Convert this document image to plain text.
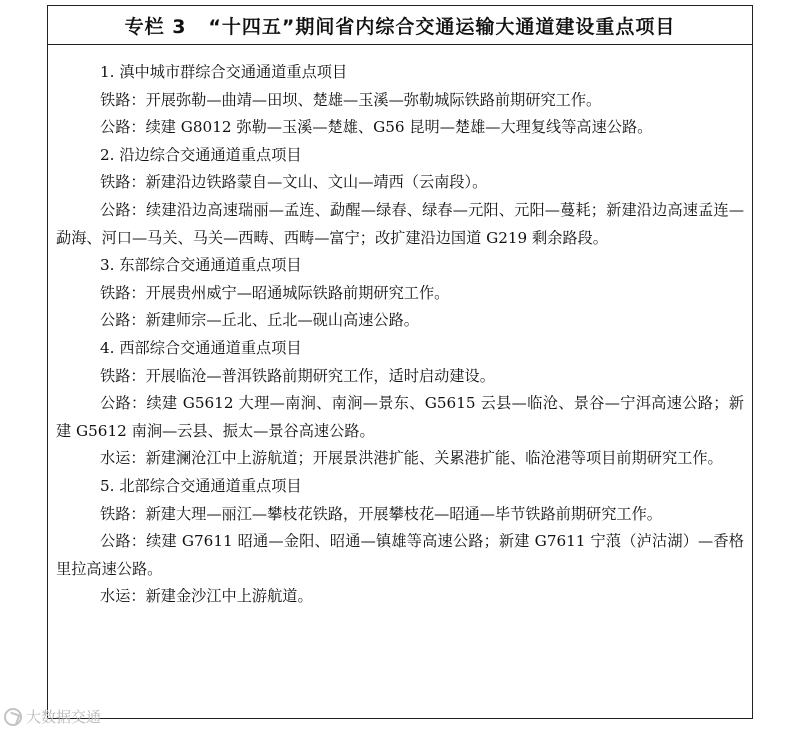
专栏 3 “十四五”期间省内综合交通运输大通道建设重点项目
1. 滇中城市群综合交通通道重点项目
铁路：开展弥勒—曲靖—田坝、楚雄—玉溪—弥勒城际铁路前期研究工作。
公路：续建 G8012 弥勒—玉溪—楚雄、G56 昆明—楚雄—大理复线等高速公路。
2. 沿边综合交通通道重点项目
铁路：新建沿边铁路蒙自—文山、文山—靖西（云南段）。
公路：续建沿边高速瑞丽—孟连、勐醒—绿春、绿春—元阳、元阳—蔓耗；新建沿边高速孟连—勐海、河口—马关、马关—西畴、西畴—富宁；改扩建沿边国道 G219 剩余路段。
3. 东部综合交通通道重点项目
铁路：开展贵州威宁—昭通城际铁路前期研究工作。
公路：新建师宗—丘北、丘北—砚山高速公路。
4. 西部综合交通通道重点项目
铁路：开展临沧—普洱铁路前期研究工作，适时启动建设。
公路：续建 G5612 大理—南涧、南涧—景东、G5615 云县—临沧、景谷—宁洱高速公路；新建 G5612 南涧—云县、振太—景谷高速公路。
水运：新建澜沧江中上游航道；开展景洪港扩能、关累港扩能、临沧港等项目前期研究工作。
5. 北部综合交通通道重点项目
铁路：新建大理—丽江—攀枝花铁路，开展攀枝花—昭通—毕节铁路前期研究工作。
公路：续建 G7611 昭通—金阳、昭通—镇雄等高速公路；新建 G7611 宁蒗（泸沽湖）—香格里拉高速公路。
水运：新建金沙江中上游航道。
大数据交通
